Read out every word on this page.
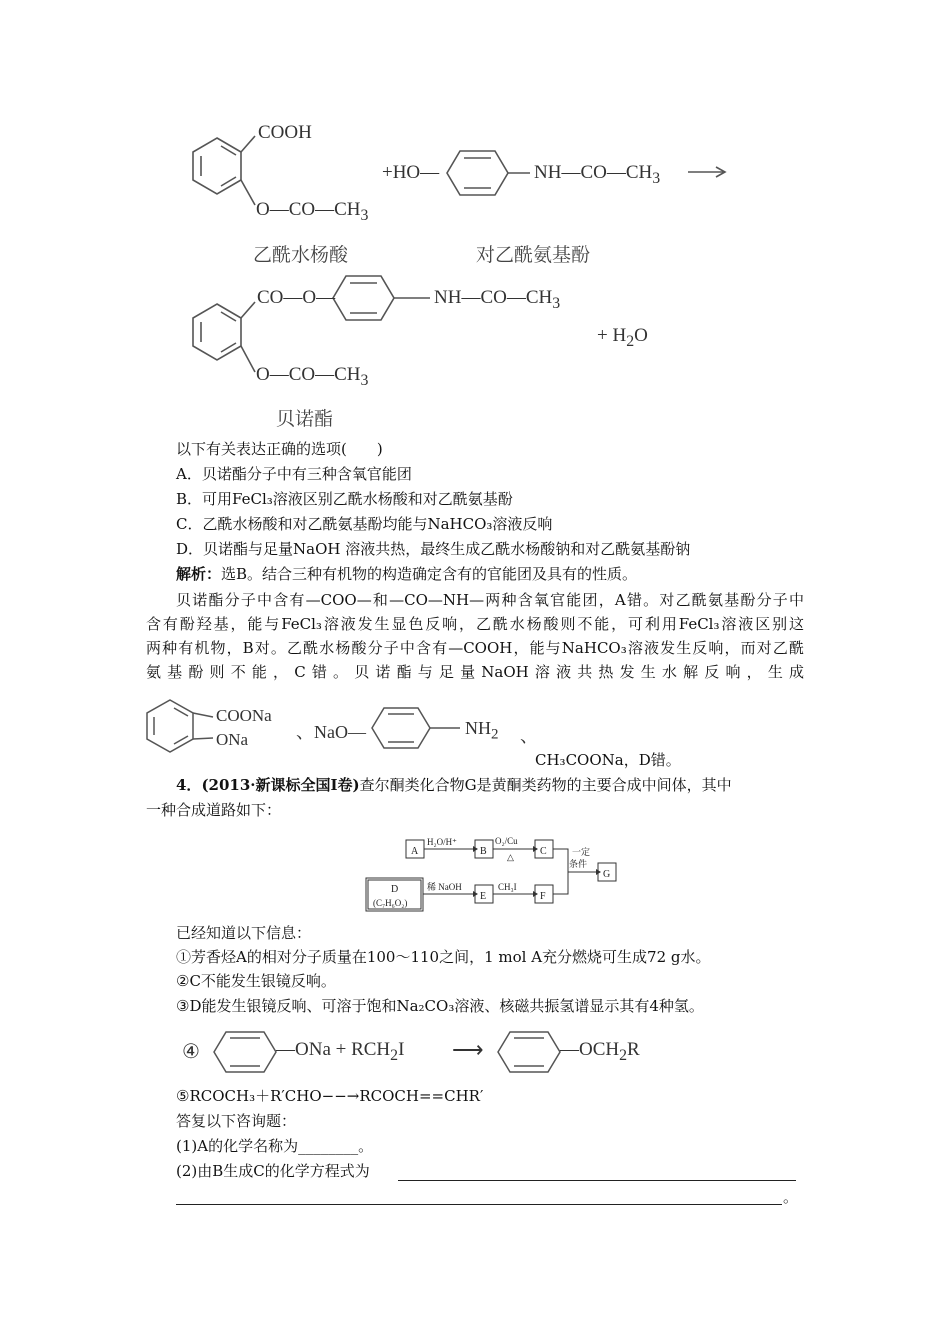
COOH
$O—CO—CH_3$
乙酰水杨酸
+HO—	$NH—CO—CH_3$
对乙酰氨基酚
CO—O—	$NH—CO—CH_3$
$O—CO—CH_3$
+ $H_2O$
贝诺酯
以下有关表达正确的选项(　　)
A．贝诺酯分子中有三种含氧官能团
B．可用FeCl₃溶液区别乙酰水杨酸和对乙酰氨基酚
C．乙酰水杨酸和对乙酰氨基酚均能与NaHCO₃溶液反响
D．贝诺酯与足量NaOH 溶液共热，最终生成乙酰水杨酸钠和对乙酰氨基酚钠
解析：选B。结合三种有机物的构造确定含有的官能团及具有的性质。
贝诺酯分子中含有—COO—和—CO—NH—两种含氧官能团，A错。对乙酰氨基酚分子中
含有酚羟基，能与FeCl₃溶液发生显色反响，乙酰水杨酸则不能，可利用FeCl₃溶液区别这
两种有机物，B对。乙酰水杨酸分子中含有—COOH，能与NaHCO₃溶液发生反响，而对乙酰
氨基酚则不能，C错。贝诺酯与足量NaOH溶液共热发生水解反响，生成
COONa
ONa	、NaO—	$NH_2$ 、
CH₃COONa，D错。
4．(2013·新课标全国Ⅰ卷)查尔酮类化合物G是黄酮类药物的主要合成中间体，其中
一种合成道路如下：
A	B	C
G
D
(C₇H₆O₂)
E	F
H₂O/H⁺	O₂/Cu
△	一定
条件
稀 NaOH	CH₃I
已经知道以下信息：
①芳香烃A的相对分子质量在100～110之间，1 mol A充分燃烧可生成72 g水。
②C不能发生银镜反响。
③D能发生银镜反响、可溶于饱和Na₂CO₃溶液、核磁共振氢谱显示其有4种氢。
④	—ONa + $RCH_2I$ ⟶	$—OCH_2R$
⑤RCOCH₃＋R′CHO−−→RCOCH==CHR′
答复以下咨询题：
(1)A的化学名称为________。
(2)由B生成C的化学方程式为
。
